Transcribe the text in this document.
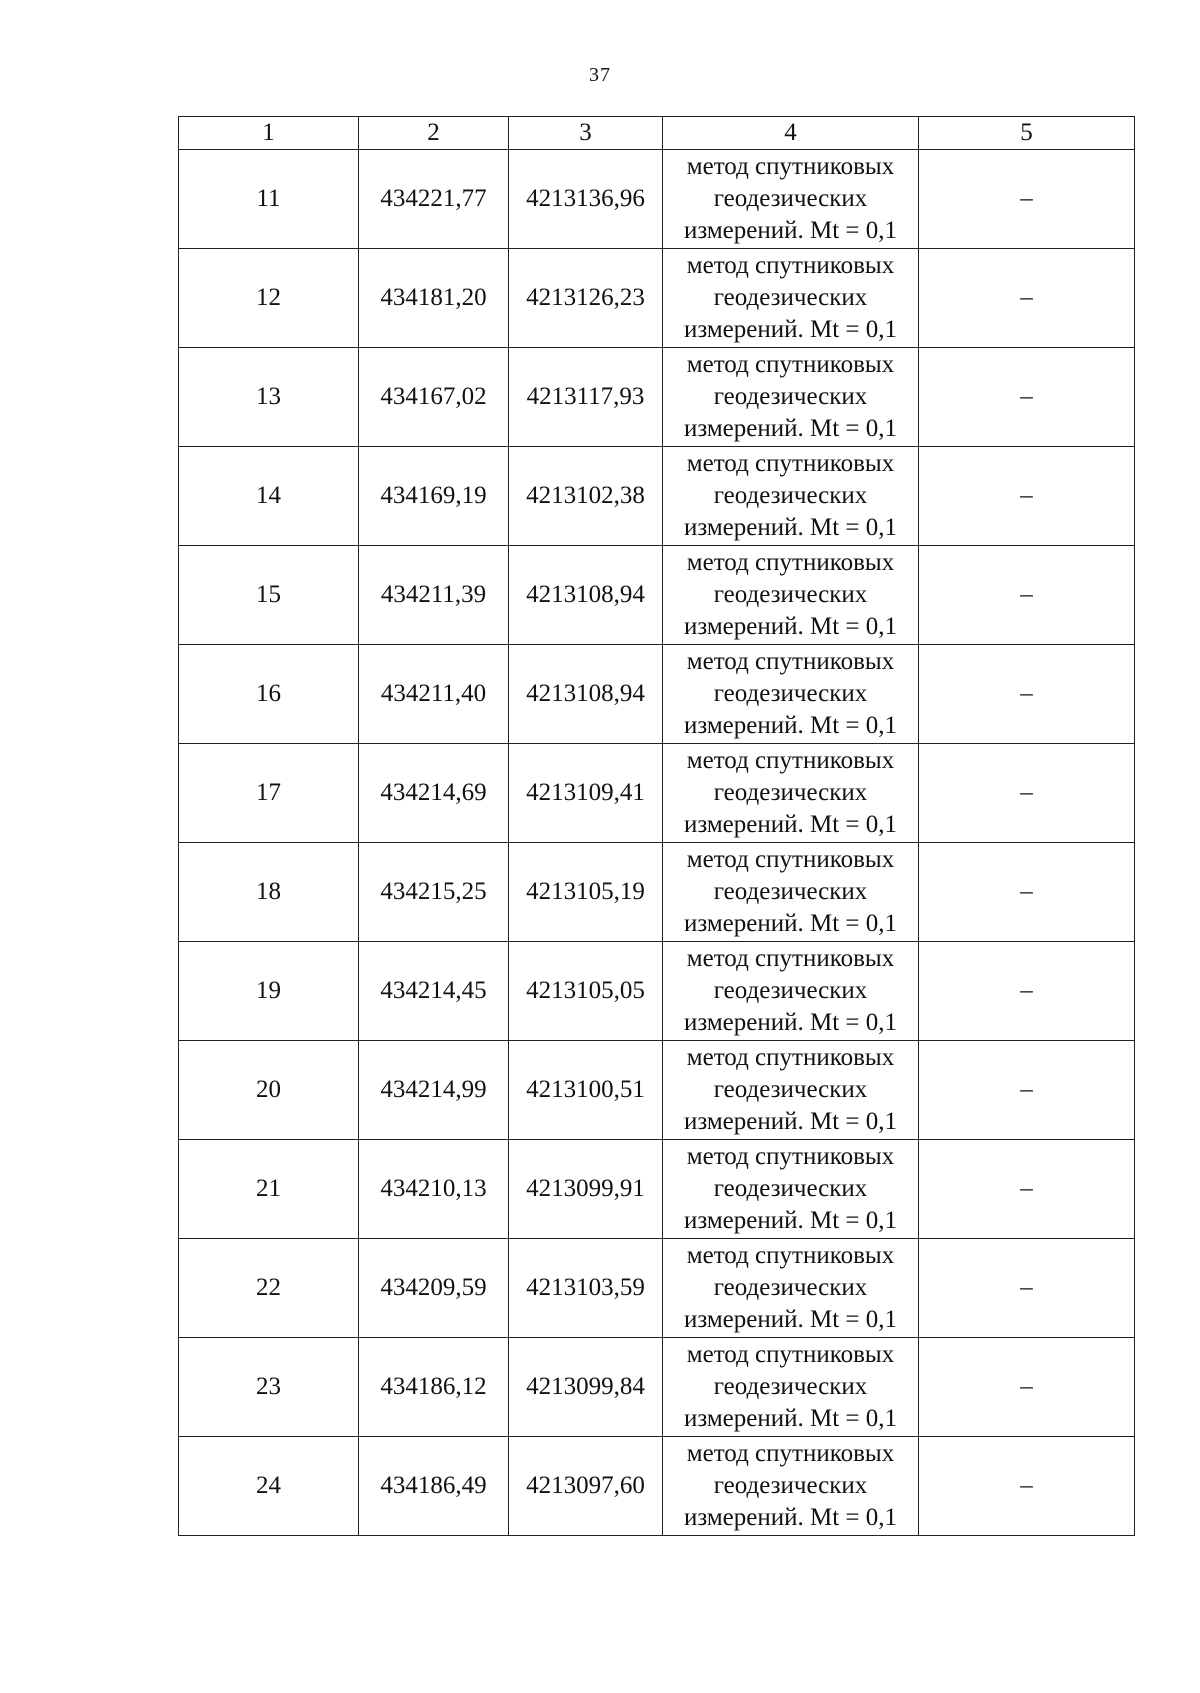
37
1	2	3	4	5
11	434221,77	4213136,96	метод спутниковых геодезических измерений. Mt = 0,1	–
12	434181,20	4213126,23	метод спутниковых геодезических измерений. Mt = 0,1	–
13	434167,02	4213117,93	метод спутниковых геодезических измерений. Mt = 0,1	–
14	434169,19	4213102,38	метод спутниковых геодезических измерений. Mt = 0,1	–
15	434211,39	4213108,94	метод спутниковых геодезических измерений. Mt = 0,1	–
16	434211,40	4213108,94	метод спутниковых геодезических измерений. Mt = 0,1	–
17	434214,69	4213109,41	метод спутниковых геодезических измерений. Mt = 0,1	–
18	434215,25	4213105,19	метод спутниковых геодезических измерений. Mt = 0,1	–
19	434214,45	4213105,05	метод спутниковых геодезических измерений. Mt = 0,1	–
20	434214,99	4213100,51	метод спутниковых геодезических измерений. Mt = 0,1	–
21	434210,13	4213099,91	метод спутниковых геодезических измерений. Mt = 0,1	–
22	434209,59	4213103,59	метод спутниковых геодезических измерений. Mt = 0,1	–
23	434186,12	4213099,84	метод спутниковых геодезических измерений. Mt = 0,1	–
24	434186,49	4213097,60	метод спутниковых геодезических измерений. Mt = 0,1	–
